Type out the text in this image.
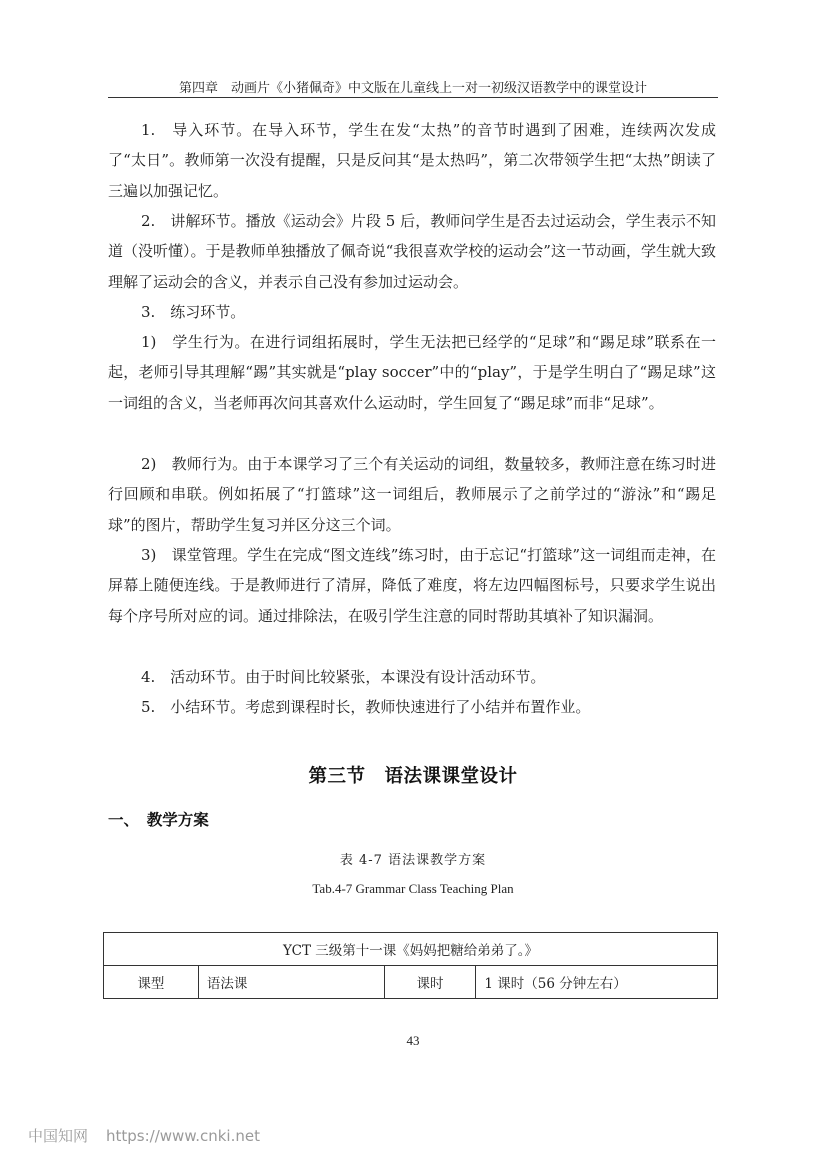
第四章　动画片《小猪佩奇》中文版在儿童线上一对一初级汉语教学中的课堂设计

1.　导入环节。在导入环节，学生在发“太热”的音节时遇到了困难，连续两次发成了“太日”。教师第一次没有提醒，只是反问其“是太热吗”，第二次带领学生把“太热”朗读了三遍以加强记忆。

2.　讲解环节。播放《运动会》片段 5 后，教师问学生是否去过运动会，学生表示不知道（没听懂）。于是教师单独播放了佩奇说“我很喜欢学校的运动会”这一节动画，学生就大致理解了运动会的含义，并表示自己没有参加过运动会。

3.　练习环节。

1)　学生行为。在进行词组拓展时，学生无法把已经学的“足球”和“踢足球”联系在一起，老师引导其理解“踢”其实就是“play soccer”中的“play”，于是学生明白了“踢足球”这一词组的含义，当老师再次问其喜欢什么运动时，学生回复了“踢足球”而非“足球”。

2)　教师行为。由于本课学习了三个有关运动的词组，数量较多，教师注意在练习时进行回顾和串联。例如拓展了“打篮球”这一词组后，教师展示了之前学过的“游泳”和“踢足球”的图片，帮助学生复习并区分这三个词。

3)　课堂管理。学生在完成“图文连线”练习时，由于忘记“打篮球”这一词组而走神，在屏幕上随便连线。于是教师进行了清屏，降低了难度，将左边四幅图标号，只要求学生说出每个序号所对应的词。通过排除法，在吸引学生注意的同时帮助其填补了知识漏洞。

4.　活动环节。由于时间比较紧张，本课没有设计活动环节。

5.　小结环节。考虑到课程时长，教师快速进行了小结并布置作业。

第三节　语法课课堂设计
一、　教学方案
表 4-7 语法课教学方案
Tab.4-7 Grammar Class Teaching Plan
YCT 三级第十一课《妈妈把糖给弟弟了。》
课型	语法课	课时	1 课时（56 分钟左右）
43
中国知网 https://www.cnki.net
